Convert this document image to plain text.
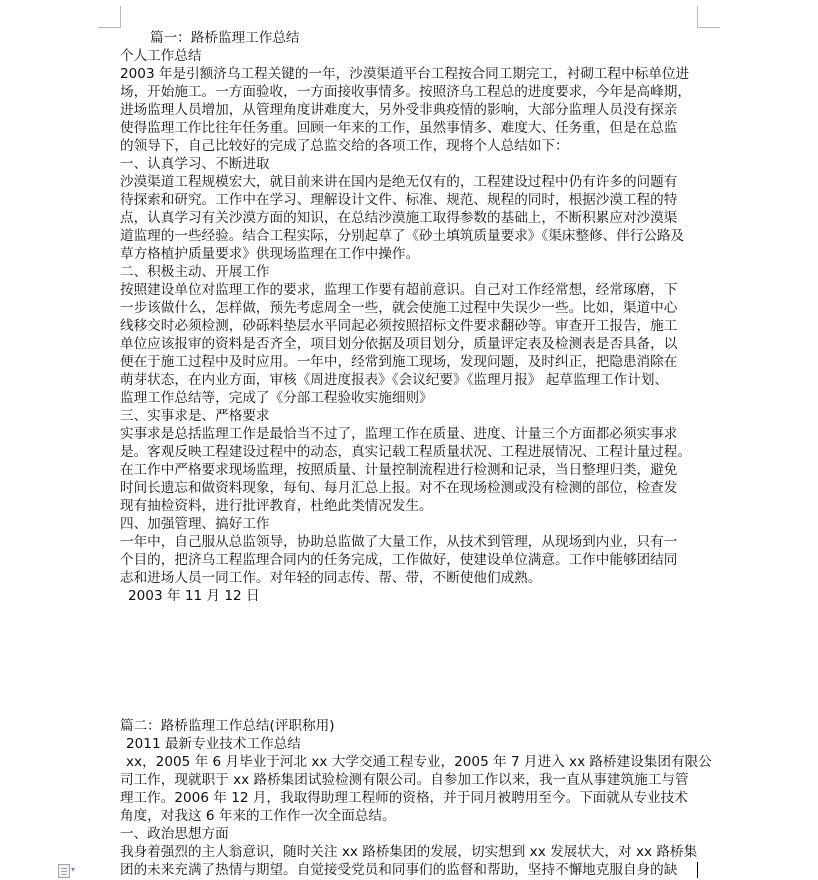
篇一：路桥监理工作总结
个人工作总结
2003 年是引额济乌工程关键的一年，沙漠渠道平台工程按合同工期完工，衬砌工程中标单位进
场，开始施工。一方面验收，一方面接收事情多。按照济乌工程总的进度要求，今年是高峰期，
进场监理人员增加，从管理角度讲难度大，另外受非典疫情的影响，大部分监理人员没有探亲
使得监理工作比往年任务重。回顾一年来的工作，虽然事情多、难度大、任务重，但是在总监
的领导下，自己比较好的完成了总监交给的各项工作，现将个人总结如下：
一、认真学习、不断进取
沙漠渠道工程规模宏大，就目前来讲在国内是绝无仅有的，工程建设过程中仍有许多的问题有
待探索和研究。工作中在学习、理解设计文件、标准、规范、规程的同时，根据沙漠工程的特
点，认真学习有关沙漠方面的知识，在总结沙漠施工取得参数的基础上，不断积累应对沙漠渠
道监理的一些经验。结合工程实际，分别起草了《砂土填筑质量要求》《渠床整修、伴行公路及
草方格植护质量要求》供现场监理在工作中操作。
二、积极主动、开展工作
按照建设单位对监理工作的要求，监理工作要有超前意识。自己对工作经常想，经常琢磨，下
一步该做什么，怎样做，预先考虑周全一些，就会使施工过程中失误少一些。比如，渠道中心
线移交时必须检测，砂砾料垫层水平同起必须按照招标文件要求翻砂等。审查开工报告，施工
单位应该报审的资料是否齐全，项目划分依据及项目划分，质量评定表及检测表是否具备，以
便在于施工过程中及时应用。一年中，经常到施工现场，发现问题，及时纠正，把隐患消除在
萌芽状态，在内业方面，审核《周进度报表》《会议纪要》《监理月报》 起草监理工作计划、
监理工作总结等，完成了《分部工程验收实施细则》
三、实事求是、严格要求
实事求是总括监理工作是最恰当不过了，监理工作在质量、进度、计量三个方面都必须实事求
是。客观反映工程建设过程中的动态，真实记载工程质量状况、工程进展情况、工程计量过程。
在工作中严格要求现场监理，按照质量、计量控制流程进行检测和记录，当日整理归类，避免
时间长遗忘和做资料现象，每旬、每月汇总上报。对不在现场检测或没有检测的部位，检查发
现有抽检资料，进行批评教育，杜绝此类情况发生。
四、加强管理、搞好工作
一年中，自己服从总监领导，协助总监做了大量工作，从技术到管理，从现场到内业，只有一
个目的，把济乌工程监理合同内的任务完成，工作做好，使建设单位满意。工作中能够团结同
志和进场人员一同工作。对年轻的同志传、帮、带，不断使他们成熟。
2003 年 11 月 12 日
篇二：路桥监理工作总结(评职称用)
2011 最新专业技术工作总结
xx，2005 年 6 月毕业于河北 xx 大学交通工程专业，2005 年 7 月进入 xx 路桥建设集团有限公
司工作，现就职于 xx 路桥集团试验检测有限公司。自参加工作以来，我一直从事建筑施工与管
理工作。2006 年 12 月，我取得助理工程师的资格，并于同月被聘用至今。下面就从专业技术
角度，对我这 6 年来的工作作一次全面总结。
一、政治思想方面
我身着强烈的主人翁意识，随时关注 xx 路桥集团的发展，切实想到 xx 发展状大，对 xx 路桥集
团的未来充满了热情与期望。自觉接受党员和同事们的监督和帮助，坚持不懈地克服自身的缺
▾
